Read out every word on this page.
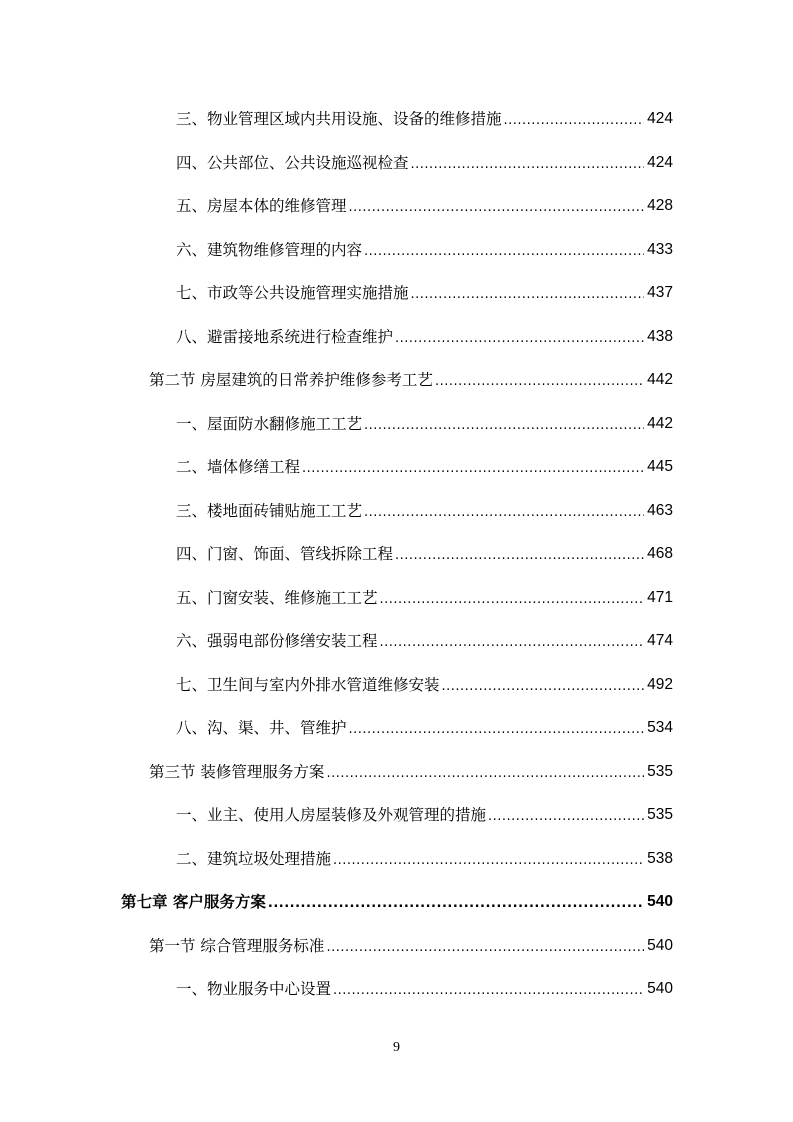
三、物业管理区域内共用设施、设备的维修措施 .....	424
四、公共部位、公共设施巡视检查 .....	424
五、房屋本体的维修管理 .....	428
六、建筑物维修管理的内容 .....	433
七、市政等公共设施管理实施措施 .....	437
八、避雷接地系统进行检查维护 .....	438
第二节 房屋建筑的日常养护维修参考工艺 .....	442
一、屋面防水翻修施工工艺 .....	442
二、墙体修缮工程 .....	445
三、楼地面砖铺贴施工工艺 .....	463
四、门窗、饰面、管线拆除工程 .....	468
五、门窗安装、维修施工工艺 .....	471
六、强弱电部份修缮安装工程 .....	474
七、卫生间与室内外排水管道维修安装 .....	492
八、沟、渠、井、管维护 .....	534
第三节 装修管理服务方案 .....	535
一、业主、使用人房屋装修及外观管理的措施 .....	535
二、建筑垃圾处理措施 .....	538
第七章 客户服务方案 .....	540
第一节 综合管理服务标准 .....	540
一、物业服务中心设置 .....	540
9
